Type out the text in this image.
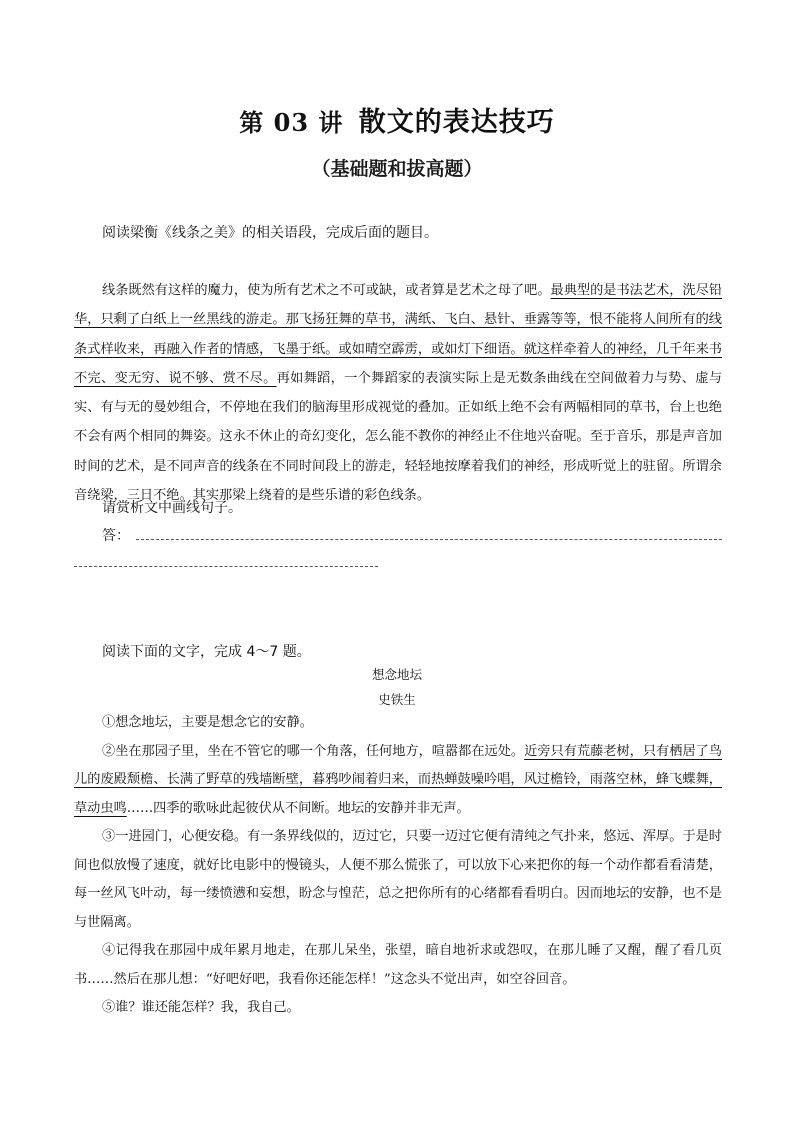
第 03 讲 散文的表达技巧
（基础题和拔高题）
阅读梁衡《线条之美》的相关语段，完成后面的题目。

线条既然有这样的魔力，使为所有艺术之不可或缺，或者算是艺术之母了吧。最典型的是书法艺术，洗尽铅华，只剩了白纸上一丝黑线的游走。那飞扬狂舞的草书，满纸、飞白、悬针、垂露等等，恨不能将人间所有的线条式样收来，再融入作者的情感，飞墨于纸。或如晴空霹雳，或如灯下细语。就这样牵着人的神经，几千年来书不完、变无穷、说不够、赏不尽。再如舞蹈，一个舞蹈家的表演实际上是无数条曲线在空间做着力与势、虚与实、有与无的曼妙组合，不停地在我们的脑海里形成视觉的叠加。正如纸上绝不会有两幅相同的草书，台上也绝不会有两个相同的舞姿。这永不休止的奇幻变化，怎么能不教你的神经止不住地兴奋呢。至于音乐，那是声音加时间的艺术，是不同声音的线条在不同时间段上的游走，轻轻地按摩着我们的神经，形成听觉上的驻留。所谓余音绕梁，三日不绝。其实那梁上绕着的是些乐谱的彩色线条。

请赏析文中画线句子。
答：
阅读下面的文字，完成 4～7 题。
想念地坛
史铁生

①想念地坛，主要是想念它的安静。

②坐在那园子里，坐在不管它的哪一个角落，任何地方，喧嚣都在远处。近旁只有荒藤老树，只有栖居了鸟儿的废殿颓檐、长满了野草的残墙断壁，暮鸦吵闹着归来，而热蝉鼓噪吟唱，风过檐铃，雨落空林，蜂飞蝶舞，草动虫鸣……四季的歌咏此起彼伏从不间断。地坛的安静并非无声。

③一进园门，心便安稳。有一条界线似的，迈过它，只要一迈过它便有清纯之气扑来，悠远、浑厚。于是时间也似放慢了速度，就好比电影中的慢镜头，人便不那么慌张了，可以放下心来把你的每一个动作都看看清楚，每一丝风飞叶动，每一缕愤懑和妄想，盼念与惶茫，总之把你所有的心绪都看看明白。因而地坛的安静，也不是与世隔离。

④记得我在那园中成年累月地走，在那儿呆坐，张望，暗自地祈求或怨叹，在那儿睡了又醒，醒了看几页书……然后在那儿想：“好吧好吧，我看你还能怎样！”这念头不觉出声，如空谷回音。

⑤谁？谁还能怎样？我，我自己。
